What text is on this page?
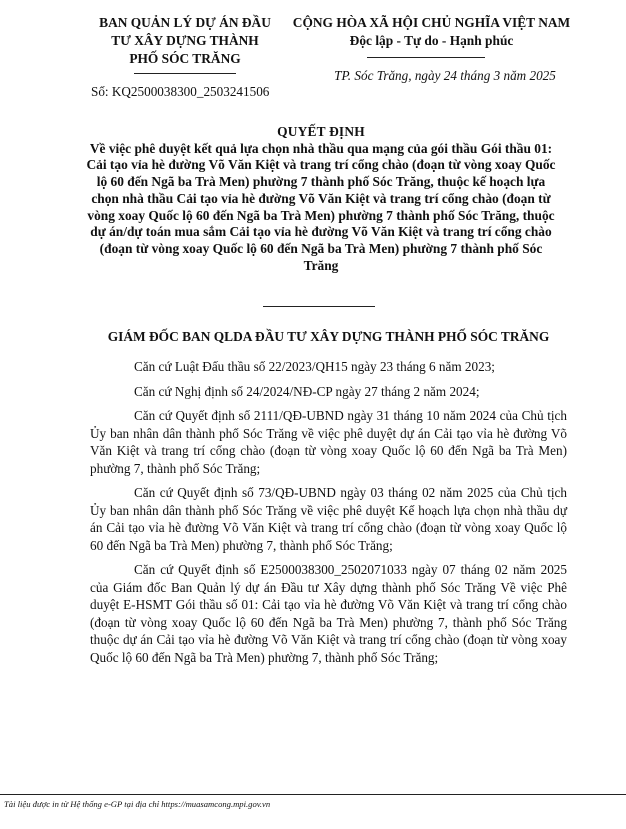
BAN QUẢN LÝ DỰ ÁN ĐẦU
TƯ XÂY DỰNG THÀNH
PHỐ SÓC TRĂNG
CỘNG HÒA XÃ HỘI CHỦ NGHĨA VIỆT NAM
Độc lập - Tự do - Hạnh phúc
TP. Sóc Trăng, ngày 24 tháng 3 năm 2025
Số: KQ2500038300_2503241506
QUYẾT ĐỊNH
Về việc phê duyệt kết quả lựa chọn nhà thầu qua mạng của gói thầu Gói thầu 01: Cải tạo vỉa hè đường Võ Văn Kiệt và trang trí cổng chào (đoạn từ vòng xoay Quốc lộ 60 đến Ngã ba Trà Men) phường 7 thành phố Sóc Trăng, thuộc kế hoạch lựa chọn nhà thầu Cải tạo vỉa hè đường Võ Văn Kiệt và trang trí cổng chào (đoạn từ vòng xoay Quốc lộ 60 đến Ngã ba Trà Men) phường 7 thành phố Sóc Trăng, thuộc dự án/dự toán mua sắm Cải tạo vỉa hè đường Võ Văn Kiệt và trang trí cổng chào (đoạn từ vòng xoay Quốc lộ 60 đến Ngã ba Trà Men) phường 7 thành phố Sóc Trăng
GIÁM ĐỐC BAN QLDA ĐẦU TƯ XÂY DỰNG THÀNH PHỐ SÓC TRĂNG

Căn cứ Luật Đấu thầu số 22/2023/QH15 ngày 23 tháng 6 năm 2023;

Căn cứ Nghị định số 24/2024/NĐ-CP ngày 27 tháng 2 năm 2024;

Căn cứ Quyết định số 2111/QĐ-UBND ngày 31 tháng 10 năm 2024 của Chủ tịch Ủy ban nhân dân thành phố Sóc Trăng về việc phê duyệt dự án Cải tạo vỉa hè đường Võ Văn Kiệt và trang trí cổng chào (đoạn từ vòng xoay Quốc lộ 60 đến Ngã ba Trà Men) phường 7, thành phố Sóc Trăng;

Căn cứ Quyết định số 73/QĐ-UBND ngày 03 tháng 02 năm 2025 của Chủ tịch Ủy ban nhân dân thành phố Sóc Trăng về việc phê duyệt Kế hoạch lựa chọn nhà thầu dự án Cải tạo vỉa hè đường Võ Văn Kiệt và trang trí cổng chào (đoạn từ vòng xoay Quốc lộ 60 đến Ngã ba Trà Men) phường 7, thành phố Sóc Trăng;

Căn cứ Quyết định số E2500038300_2502071033 ngày 07 tháng 02 năm 2025 của Giám đốc Ban Quản lý dự án Đầu tư Xây dựng thành phố Sóc Trăng Về việc Phê duyệt E-HSMT Gói thầu số 01: Cải tạo vỉa hè đường Võ Văn Kiệt và trang trí cổng chào (đoạn từ vòng xoay Quốc lộ 60 đến Ngã ba Trà Men) phường 7, thành phố Sóc Trăng thuộc dự án Cải tạo vỉa hè đường Võ Văn Kiệt và trang trí cổng chào (đoạn từ vòng xoay Quốc lộ 60 đến Ngã ba Trà Men) phường 7, thành phố Sóc Trăng;

Tài liệu được in từ Hệ thống e-GP tại địa chỉ https://muasamcong.mpi.gov.vn
